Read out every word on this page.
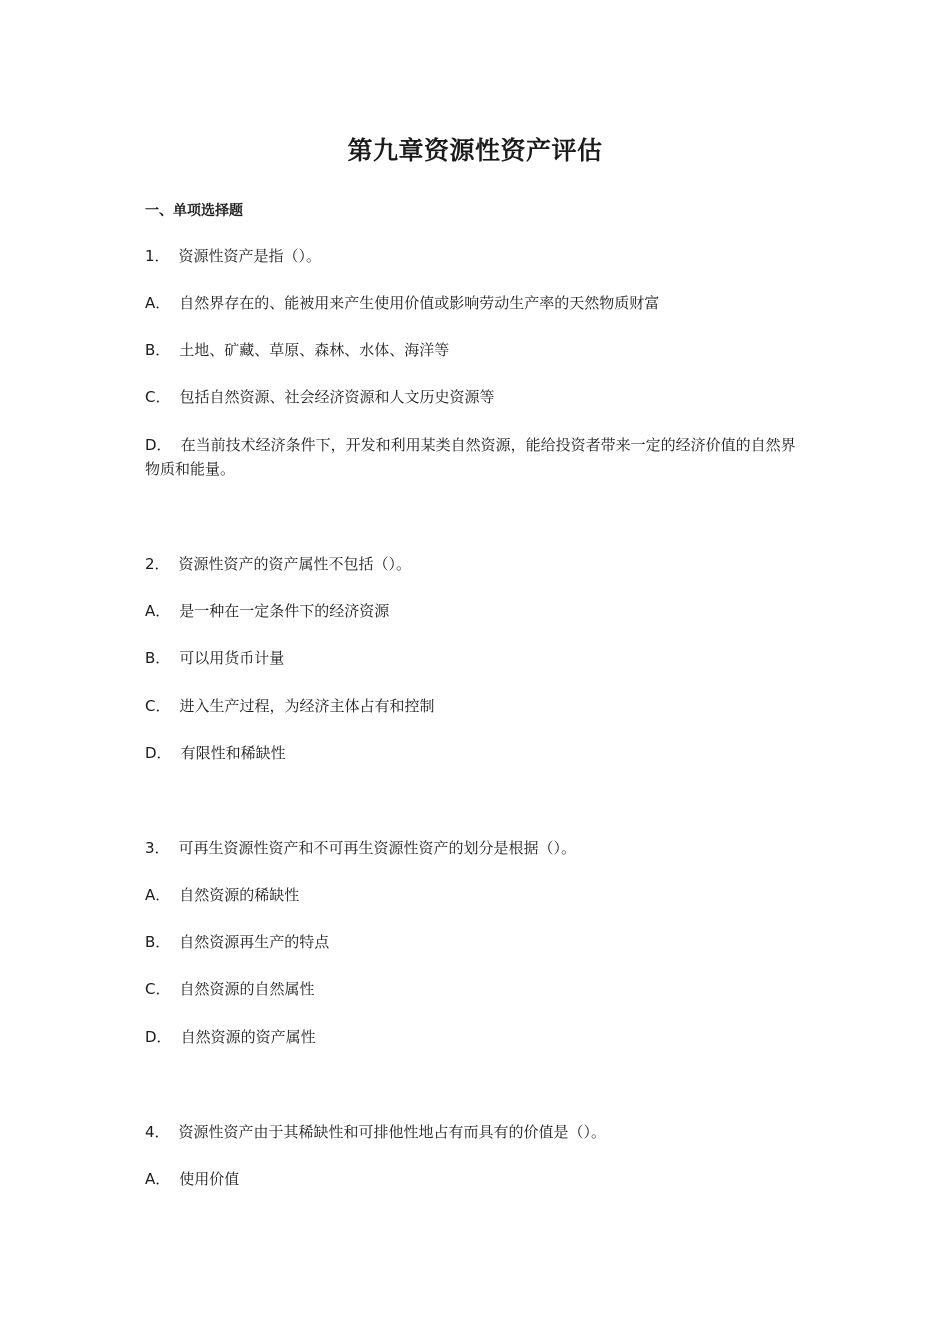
第九章资源性资产评估
一、单项选择题
1． 资源性资产是指（）。
A． 自然界存在的、能被用来产生使用价值或影响劳动生产率的天然物质财富
B． 土地、矿藏、草原、森林、水体、海洋等
C． 包括自然资源、社会经济资源和人文历史资源等
D． 在当前技术经济条件下，开发和利用某类自然资源，能给投资者带来一定的经济价值的自然界物质和能量。
2． 资源性资产的资产属性不包括（）。
A． 是一种在一定条件下的经济资源
B． 可以用货币计量
C． 进入生产过程，为经济主体占有和控制
D． 有限性和稀缺性
3． 可再生资源性资产和不可再生资源性资产的划分是根据（）。
A． 自然资源的稀缺性
B． 自然资源再生产的特点
C． 自然资源的自然属性
D． 自然资源的资产属性
4． 资源性资产由于其稀缺性和可排他性地占有而具有的价值是（）。
A． 使用价值
